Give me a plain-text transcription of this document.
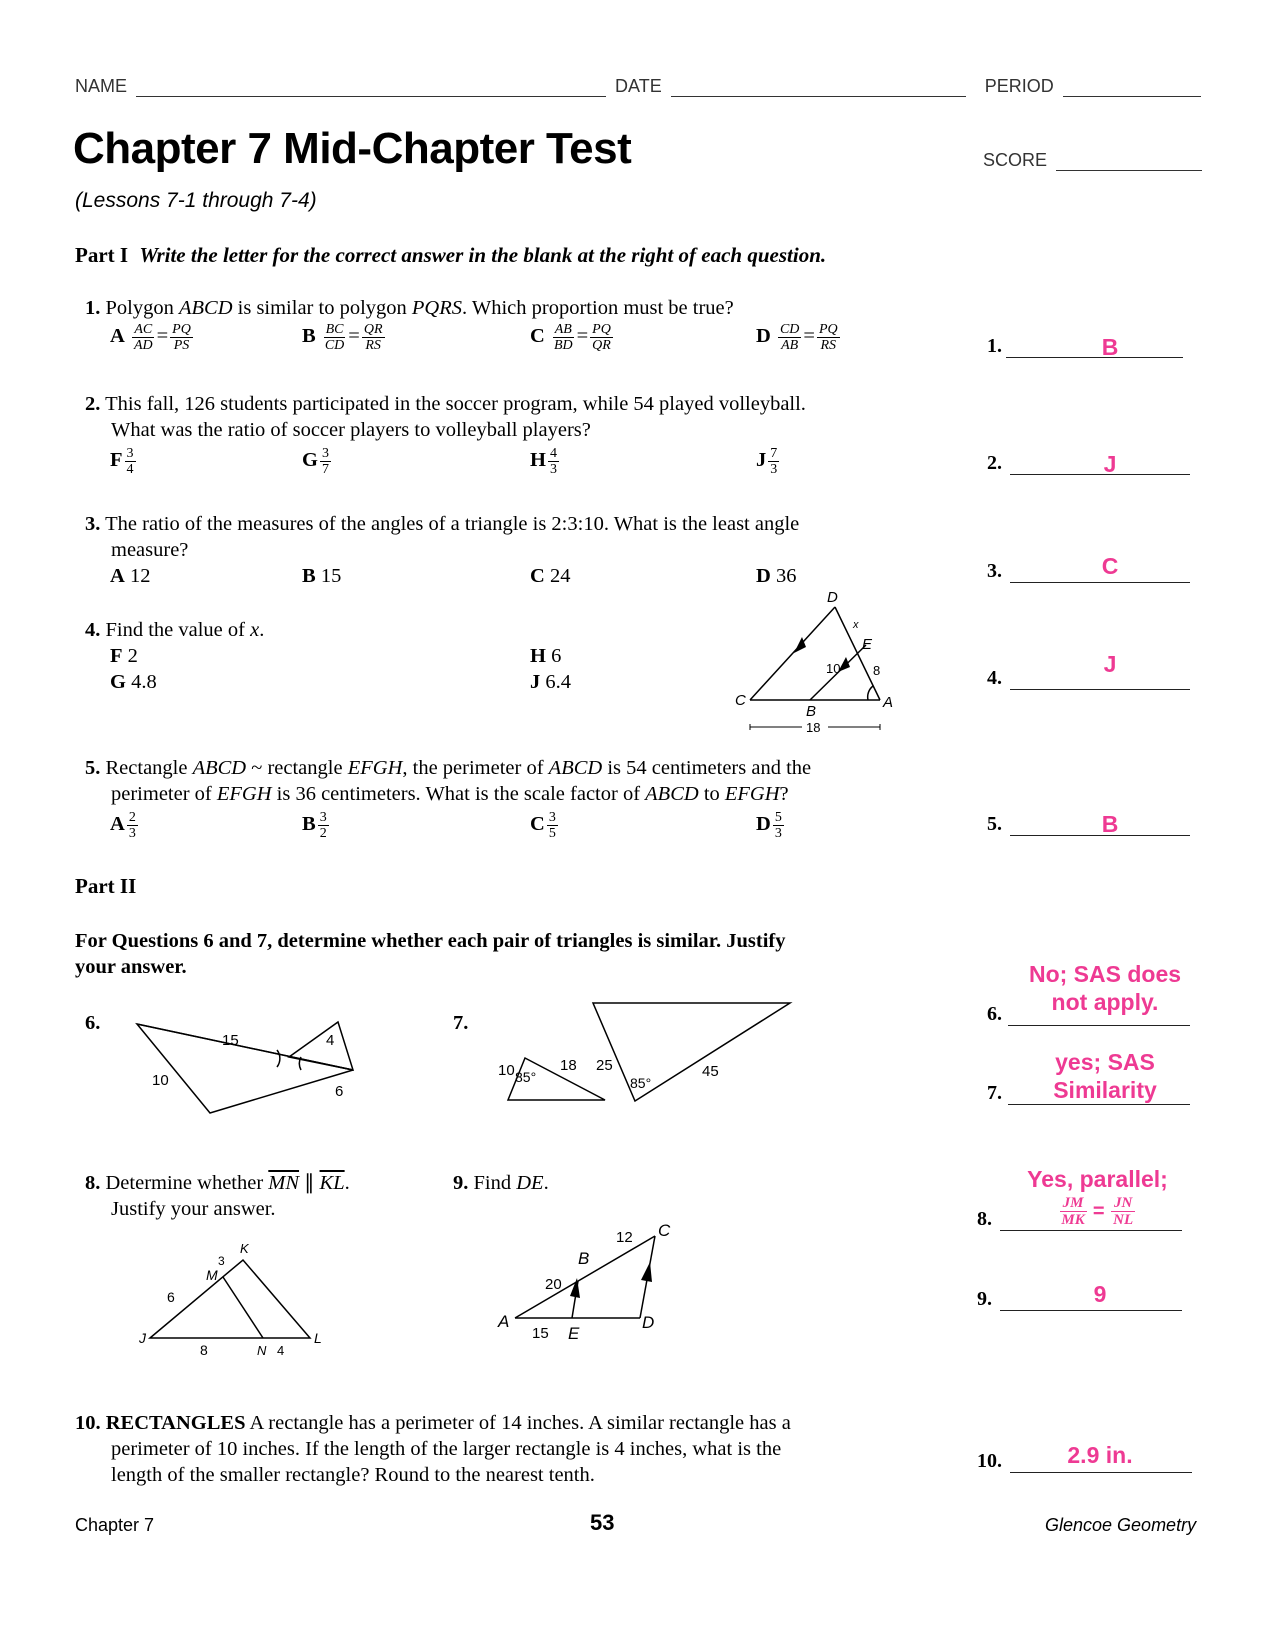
NAME	DATE	PERIOD
Chapter 7 Mid-Chapter Test	SCORE
(Lessons 7-1 through 7-4)
Part I Write the letter for the correct answer in the blank at the right of each question.
1. Polygon ABCD is similar to polygon PQRS. Which proportion must be true?
A $\frac{AC}{AD} = \frac{PQ}{PS}$	B $\frac{BC}{CD} = \frac{QR}{RS}$	C $\frac{AB}{BD} = \frac{PQ}{QR}$	D $\frac{CD}{AB} = \frac{PQ}{RS}$
2. This fall, 126 students participated in the soccer program, while 54 played volleyball.
What was the ratio of soccer players to volleyball players?
F $\frac{3}{4}$	G $\frac{3}{7}$	H $\frac{4}{3}$	J $\frac{7}{3}$
3. The ratio of the measures of the angles of a triangle is 2:3:10. What is the least angle
measure?
A 12	B 15	C 24	D 36
4. Find the value of x.
F 2
G 4.8
H 6
J 6.4
D
x
E
C
B
A
10	8
18
5. Rectangle ABCD ~ rectangle EFGH, the perimeter of ABCD is 54 centimeters and the
perimeter of EFGH is 36 centimeters. What is the scale factor of ABCD to EFGH?
A $\frac{2}{3}$	B $\frac{3}{2}$	C $\frac{3}{5}$	D $\frac{5}{3}$
Part II
For Questions 6 and 7, determine whether each pair of triangles is similar. Justify
your answer.
6.
15	4
10
6
7.
10 85°
18 25
85°
45
8. Determine whether $\overline{MN}$ ∥ $\overline{KL}$.
Justify your answer.
K
3
M
6
J	L
8	N 4
9. Find DE.
C
12
B
20
A
15 E
D
10. RECTANGLES A rectangle has a perimeter of 14 inches. A similar rectangle has a
perimeter of 10 inches. If the length of the larger rectangle is 4 inches, what is the
length of the smaller rectangle? Round to the nearest tenth.
1.	B
2.	J
3.	C
4.
J
5.	B
6.
No; SAS does
not apply.
7.
yes; SAS
Similarity
8.
Yes, parallel;
$\frac{JM}{MK} = \frac{JN}{NL}$
9.	9
10.	2.9 in.
Chapter 7	53	Glencoe Geometry
